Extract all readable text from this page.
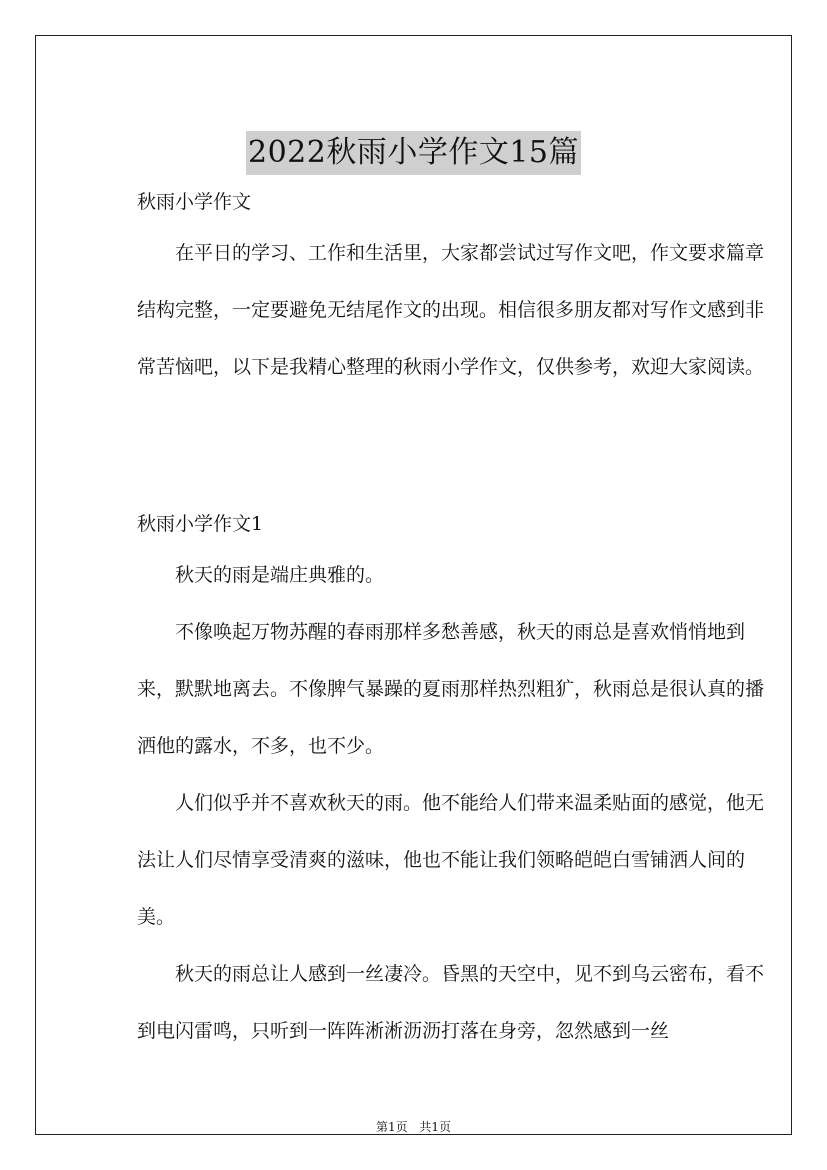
2022秋雨小学作文15篇

秋雨小学作文

在平日的学习、工作和生活里，大家都尝试过写作文吧，作文要求篇章结构完整，一定要避免无结尾作文的出现。相信很多朋友都对写作文感到非常苦恼吧，以下是我精心整理的秋雨小学作文，仅供参考，欢迎大家阅读。

秋雨小学作文1

秋天的雨是端庄典雅的。

不像唤起万物苏醒的春雨那样多愁善感，秋天的雨总是喜欢悄悄地到来，默默地离去。不像脾气暴躁的夏雨那样热烈粗犷，秋雨总是很认真的播洒他的露水，不多，也不少。

人们似乎并不喜欢秋天的雨。他不能给人们带来温柔贴面的感觉，他无法让人们尽情享受清爽的滋味，他也不能让我们领略皑皑白雪铺洒人间的美。

秋天的雨总让人感到一丝凄冷。昏黑的天空中，见不到乌云密布，看不到电闪雷鸣，只听到一阵阵淅淅沥沥打落在身旁，忽然感到一丝

第1页 共1页
